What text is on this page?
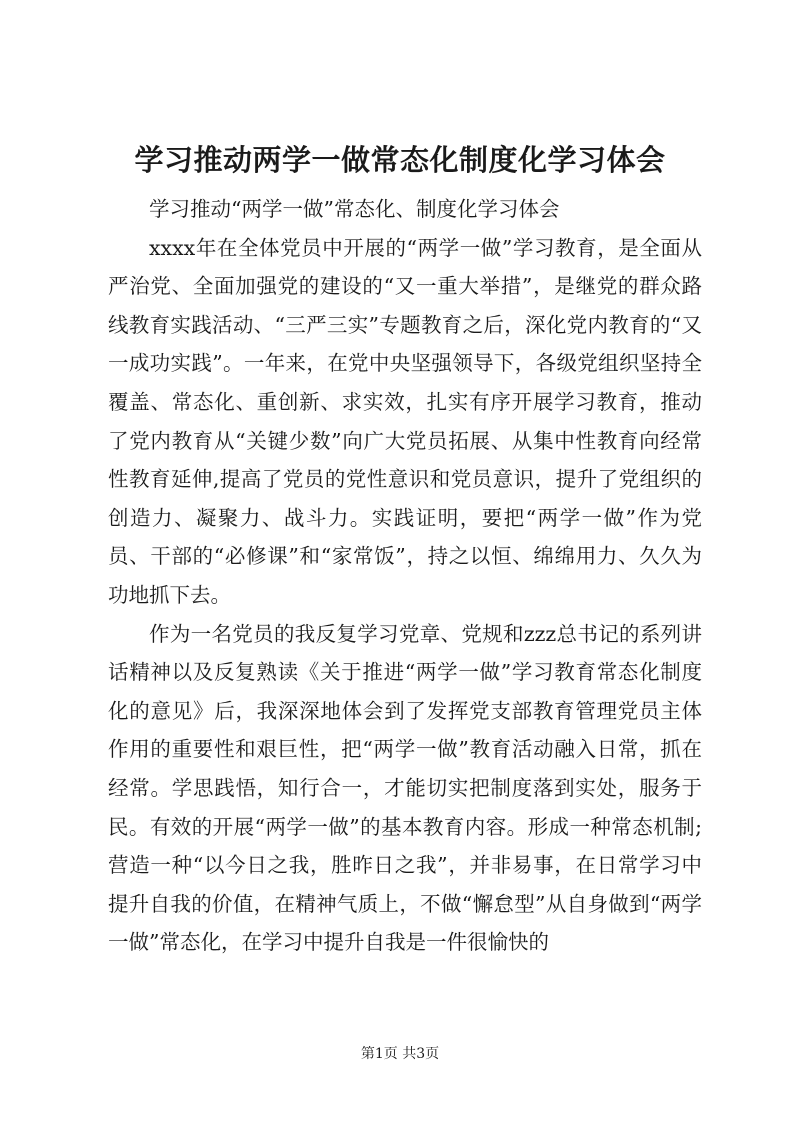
学习推动两学一做常态化制度化学习体会

学习推动“两学一做”常态化、制度化学习体会

xxxx年在全体党员中开展的“两学一做”学习教育，是全面从严治党、全面加强党的建设的“又一重大举措”，是继党的群众路线教育实践活动、“三严三实”专题教育之后，深化党内教育的“又一成功实践”。一年来，在党中央坚强领导下，各级党组织坚持全覆盖、常态化、重创新、求实效，扎实有序开展学习教育，推动了党内教育从“关键少数”向广大党员拓展、从集中性教育向经常性教育延伸,提高了党员的党性意识和党员意识，提升了党组织的创造力、凝聚力、战斗力。实践证明，要把“两学一做”作为党员、干部的“必修课”和“家常饭”，持之以恒、绵绵用力、久久为功地抓下去。

作为一名党员的我反复学习党章、党规和zzz总书记的系列讲话精神以及反复熟读《关于推进“两学一做”学习教育常态化制度化的意见》后，我深深地体会到了发挥党支部教育管理党员主体作用的重要性和艰巨性，把“两学一做”教育活动融入日常，抓在经常。学思践悟，知行合一，才能切实把制度落到实处，服务于民。有效的开展“两学一做”的基本教育内容。形成一种常态机制;营造一种“以今日之我，胜昨日之我”，并非易事，在日常学习中提升自我的价值，在精神气质上，不做“懈怠型”从自身做到“两学一做”常态化，在学习中提升自我是一件很愉快的

第1页 共3页
